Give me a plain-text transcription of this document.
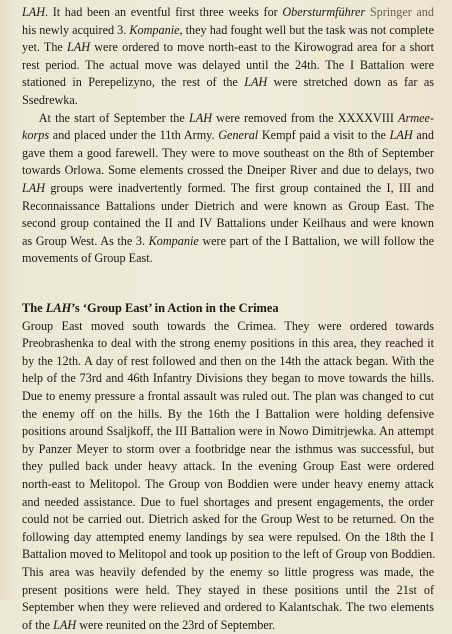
LAH. It had been an eventful first three weeks for Obersturmführer Springer and
his newly acquired 3. Kompanie, they had fought well but the task was not complete
yet. The LAH were ordered to move north-east to the Kirowograd area for a short
rest period. The actual move was delayed until the 24th. The I Battalion were
stationed in Perepelizyno, the rest of the LAH were stretched down as far as
Ssedrewka.
At the start of September the LAH were removed from the XXXXVIII Armee-
korps and placed under the 11th Army. General Kempf paid a visit to the LAH and
gave them a good farewell. They were to move southeast on the 8th of September
towards Orlowa. Some elements crossed the Dneiper River and due to delays, two
LAH groups were inadvertently formed. The first group contained the I, III and
Reconnaissance Battalions under Dietrich and were known as Group East. The
second group contained the II and IV Battalions under Keilhaus and were known
as Group West. As the 3. Kompanie were part of the I Battalion, we will follow the
movements of Group East.
The LAH’s ‘Group East’ in Action in the Crimea
Group East moved south towards the Crimea. They were ordered towards
Preobrashenka to deal with the strong enemy positions in this area, they reached it
by the 12th. A day of rest followed and then on the 14th the attack began. With the
help of the 73rd and 46th Infantry Divisions they began to move towards the hills.
Due to enemy pressure a frontal assault was ruled out. The plan was changed to cut
the enemy off on the hills. By the 16th the I Battalion were holding defensive
positions around Ssaljkoff, the III Battalion were in Nowo Dimitrjewka. An attempt
by Panzer Meyer to storm over a footbridge near the isthmus was successful, but
they pulled back under heavy attack. In the evening Group East were ordered
north-east to Melitopol. The Group von Boddien were under heavy enemy attack
and needed assistance. Due to fuel shortages and present engagements, the order
could not be carried out. Dietrich asked for the Group West to be returned. On the
following day attempted enemy landings by sea were repulsed. On the 18th the I
Battalion moved to Melitopol and took up position to the left of Group von Boddien.
This area was heavily defended by the enemy so little progress was made, the
present positions were held. They stayed in these positions until the 21st of
September when they were relieved and ordered to Kalantschak. The two elements
of the LAH were reunited on the 23rd of September.
